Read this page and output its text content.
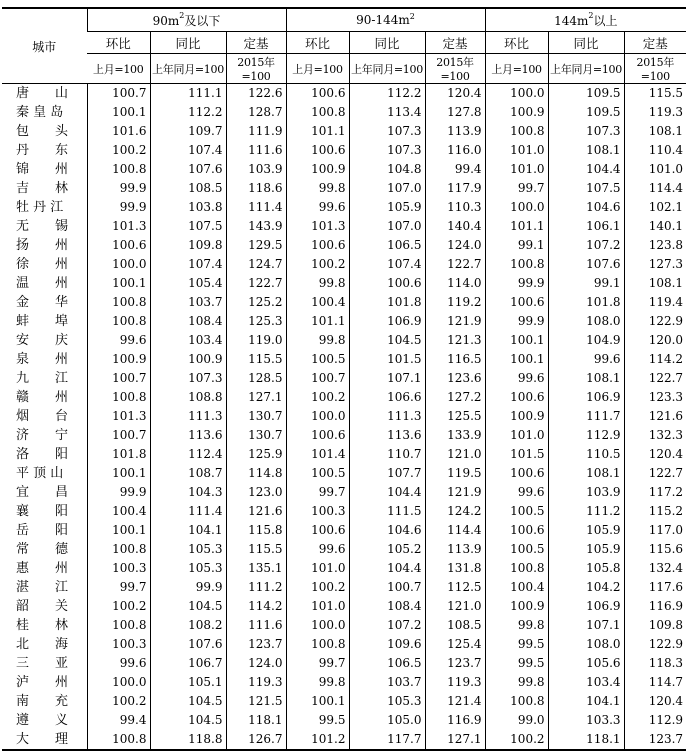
城市	$90m^2$及以下			$90-144m^2$			$144m^2$以上		
	环比	同比	定基	环比	同比	定基	环比	同比	定基
	上月=100	上年同月=100	2015年=100	上月=100	上年同月=100	2015年=100	上月=100	上年同月=100	2015年=100
唐　　山	100.7	111.1	122.6	100.6	112.2	120.4	100.0	109.5	115.5
秦 皇 岛	100.1	112.2	128.7	100.8	113.4	127.8	100.9	109.5	119.3
包　　头	101.6	109.7	111.9	101.1	107.3	113.9	100.8	107.3	108.1
丹　　东	100.2	107.4	111.6	100.6	107.3	116.0	101.0	108.1	110.4
锦　　州	100.8	107.6	103.9	100.9	104.8	99.4	101.0	104.4	101.0
吉　　林	99.9	108.5	118.6	99.8	107.0	117.9	99.7	107.5	114.4
牡 丹 江	99.9	103.8	111.4	99.6	105.9	110.3	100.0	104.6	102.1
无　　锡	101.3	107.5	143.9	101.3	107.0	140.4	101.1	106.1	140.1
扬　　州	100.6	109.8	129.5	100.6	106.5	124.0	99.1	107.2	123.8
徐　　州	100.0	107.4	124.7	100.2	107.4	122.7	100.8	107.6	127.3
温　　州	100.1	105.4	122.7	99.8	100.6	114.0	99.9	99.1	108.1
金　　华	100.8	103.7	125.2	100.4	101.8	119.2	100.6	101.8	119.4
蚌　　埠	100.8	108.4	125.3	101.1	106.9	121.9	99.9	108.0	122.9
安　　庆	99.6	103.4	119.0	99.8	104.5	121.3	100.1	104.9	120.0
泉　　州	100.9	100.9	115.5	100.5	101.5	116.5	100.1	99.6	114.2
九　　江	100.7	107.3	128.5	100.7	107.1	123.6	99.6	108.1	122.7
赣　　州	100.8	108.8	127.1	100.2	106.6	127.2	100.6	106.9	123.3
烟　　台	101.3	111.3	130.7	100.0	111.3	125.5	100.9	111.7	121.6
济　　宁	100.7	113.6	130.7	100.6	113.6	133.9	101.0	112.9	132.3
洛　　阳	101.8	112.4	125.9	101.4	110.7	121.0	101.5	110.5	120.4
平 顶 山	100.1	108.7	114.8	100.5	107.7	119.5	100.6	108.1	122.7
宜　　昌	99.9	104.3	123.0	99.7	104.4	121.9	99.6	103.9	117.2
襄　　阳	100.4	111.4	121.6	100.3	111.5	124.2	100.5	111.2	115.2
岳　　阳	100.1	104.1	115.8	100.6	104.6	114.4	100.6	105.9	117.0
常　　德	100.8	105.3	115.5	99.6	105.2	113.9	100.5	105.9	115.6
惠　　州	100.3	105.3	135.1	101.0	104.4	131.8	100.8	105.8	132.4
湛　　江	99.7	99.9	111.2	100.2	100.7	112.5	100.4	104.2	117.6
韶　　关	100.2	104.5	114.2	101.0	108.4	121.0	100.9	106.9	116.9
桂　　林	100.8	108.2	111.6	100.0	107.2	108.5	99.8	107.1	109.8
北　　海	100.3	107.6	123.7	100.8	109.6	125.4	99.5	108.0	122.9
三　　亚	99.6	106.7	124.0	99.7	106.5	123.7	99.5	105.6	118.3
泸　　州	100.0	105.1	119.3	99.8	103.7	119.3	99.8	103.4	114.7
南　　充	100.2	104.5	121.5	100.1	105.3	121.4	100.8	104.1	120.4
遵　　义	99.4	104.5	118.1	99.5	105.0	116.9	99.0	103.3	112.9
大　　理	100.8	118.8	126.7	101.2	117.7	127.1	100.2	118.1	123.7
